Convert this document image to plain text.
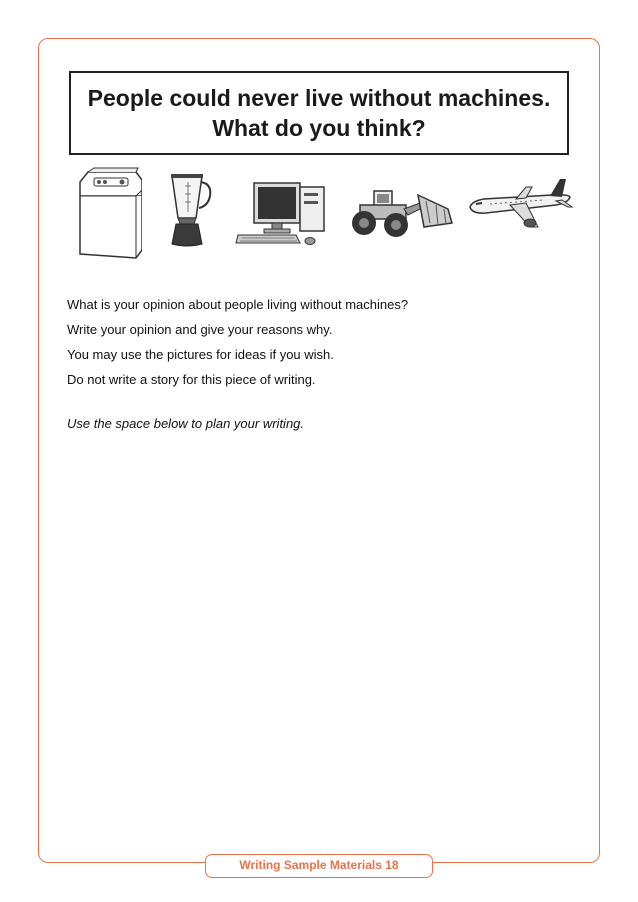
People could never live without machines.
What do you think?

What is your opinion about people living without machines?

Write your opinion and give your reasons why.

You may use the pictures for ideas if you wish.

Do not write a story for this piece of writing.

Use the space below to plan your writing.
Writing Sample Materials 18
